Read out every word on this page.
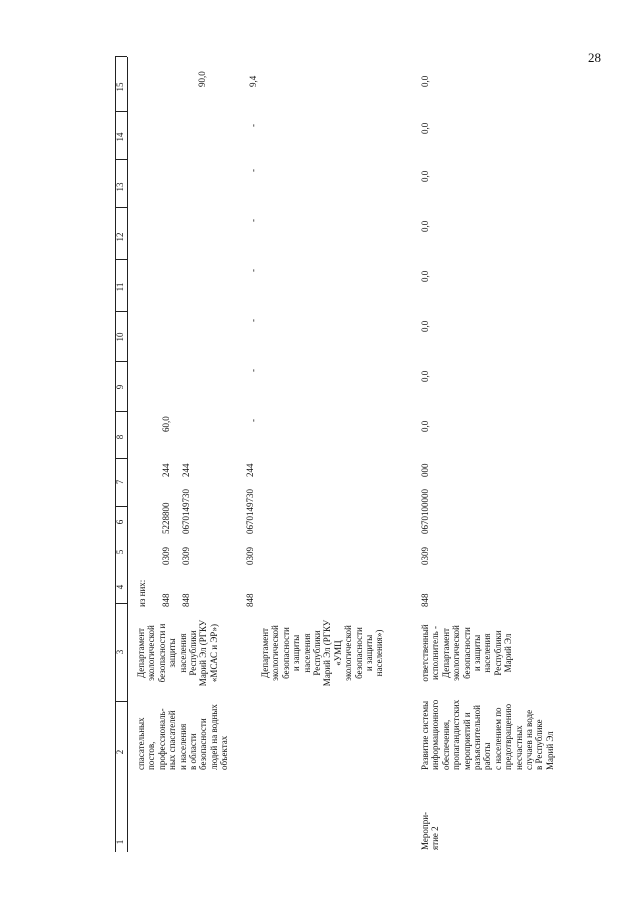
28
1
2
3
4
5
6
7
8
9
10
11
12
13
14
15
спасательных
постов,
профессиональ-
ных спасателей
и населения
в области
безопасности
людей на водных
объектах
Департамент
экологической
безопасности и
защиты
населения
Республики
Марий Эл (РГКУ
«МСАС и ЭР»)
из них: 848
0309
5228800
244
60,0
848
0309
0670149730
244
90,0
Департамент
экологической
безопасности
и защиты
населения
Республики
Марий Эл (РГКУ
«УМЦ
экологической
безопасности
и защиты
населения»)
848
0309
0670149730
244
-
-
-
-
-
-
-
9,4
Меропри-
ятие 2
Развитие системы
информационного
обеспечения,
пропагандистских
мероприятий и
разъяснительной
работы
с населением по
предотвращению
несчастных
случаев на воде
в Республике
Марий Эл
ответственный
исполнитель -
Департамент
экологической
безопасности
и защиты
населения
Республики
Марий Эл
848
0309
0670100000
000
0,0
0,0
0,0
0,0
0,0
0,0
0,0
0,0
